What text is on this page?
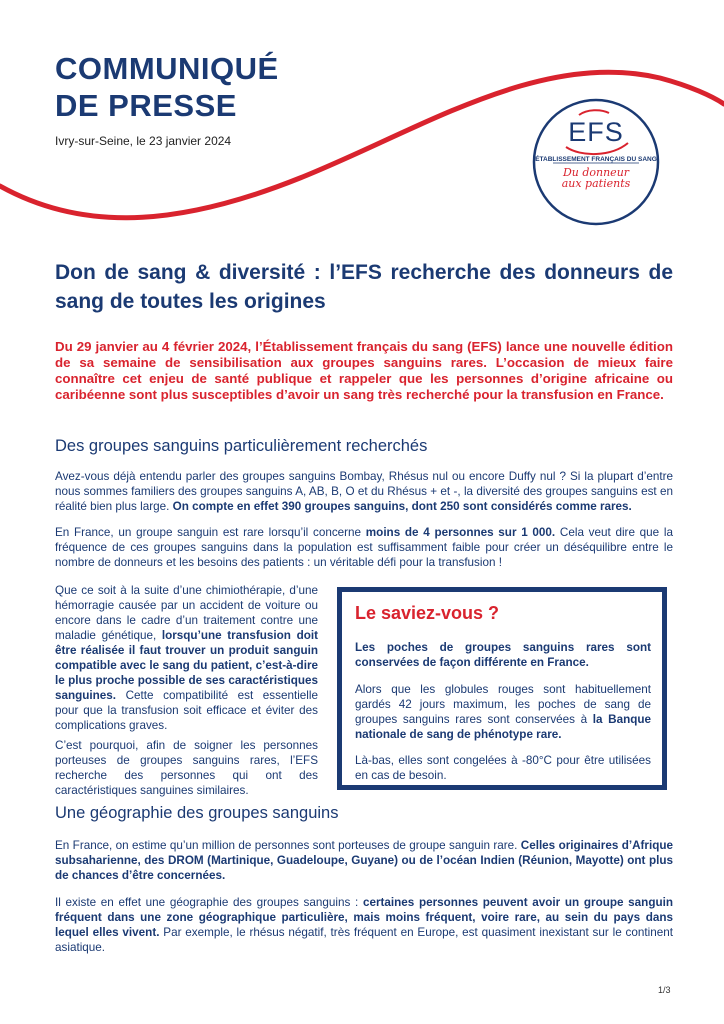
COMMUNIQUÉ
DE PRESSE
Ivry-sur-Seine, le 23 janvier 2024	EFS
ÉTABLISSEMENT FRANÇAIS DU SANG
Du donneur
aux patients
Don de sang & diversité : l’EFS recherche des donneurs de sang de toutes les origines

Du 29 janvier au 4 février 2024, l’Établissement français du sang (EFS) lance une nouvelle édition de sa semaine de sensibilisation aux groupes sanguins rares. L’occasion de mieux faire connaître cet enjeu de santé publique et rappeler que les personnes d’origine africaine ou caribéenne sont plus susceptibles d’avoir un sang très recherché pour la transfusion en France.

Des groupes sanguins particulièrement recherchés

Avez-vous déjà entendu parler des groupes sanguins Bombay, Rhésus nul ou encore Duffy nul ? Si la plupart d’entre nous sommes familiers des groupes sanguins A, AB, B, O et du Rhésus + et -, la diversité des groupes sanguins est en réalité bien plus large. On compte en effet 390 groupes sanguins, dont 250 sont considérés comme rares.

En France, un groupe sanguin est rare lorsqu’il concerne moins de 4 personnes sur 1 000. Cela veut dire que la fréquence de ces groupes sanguins dans la population est suffisamment faible pour créer un déséquilibre entre le nombre de donneurs et les besoins des patients : un véritable défi pour la transfusion !

Que ce soit à la suite d’une chimiothérapie, d’une hémorragie causée par un accident de voiture ou encore dans le cadre d’un traitement contre une maladie génétique, lorsqu’une transfusion doit être réalisée il faut trouver un produit sanguin compatible avec le sang du patient, c’est-à-dire le plus proche possible de ses caractéristiques sanguines. Cette compatibilité est essentielle pour que la transfusion soit efficace et éviter des complications graves.

C’est pourquoi, afin de soigner les personnes porteuses de groupes sanguins rares, l’EFS recherche des personnes qui ont des caractéristiques sanguines similaires.

Le saviez-vous ?

Les poches de groupes sanguins rares sont conservées de façon différente en France.

Alors que les globules rouges sont habituellement gardés 42 jours maximum, les poches de sang de groupes sanguins rares sont conservées à la Banque nationale de sang de phénotype rare.

Là-bas, elles sont congelées à -80°C pour être utilisées en cas de besoin.

Une géographie des groupes sanguins

En France, on estime qu’un million de personnes sont porteuses de groupe sanguin rare. Celles originaires d’Afrique subsaharienne, des DROM (Martinique, Guadeloupe, Guyane) ou de l’océan Indien (Réunion, Mayotte) ont plus de chances d’être concernées.

Il existe en effet une géographie des groupes sanguins : certaines personnes peuvent avoir un groupe sanguin fréquent dans une zone géographique particulière, mais moins fréquent, voire rare, au sein du pays dans lequel elles vivent. Par exemple, le rhésus négatif, très fréquent en Europe, est quasiment inexistant sur le continent asiatique.

1/3
